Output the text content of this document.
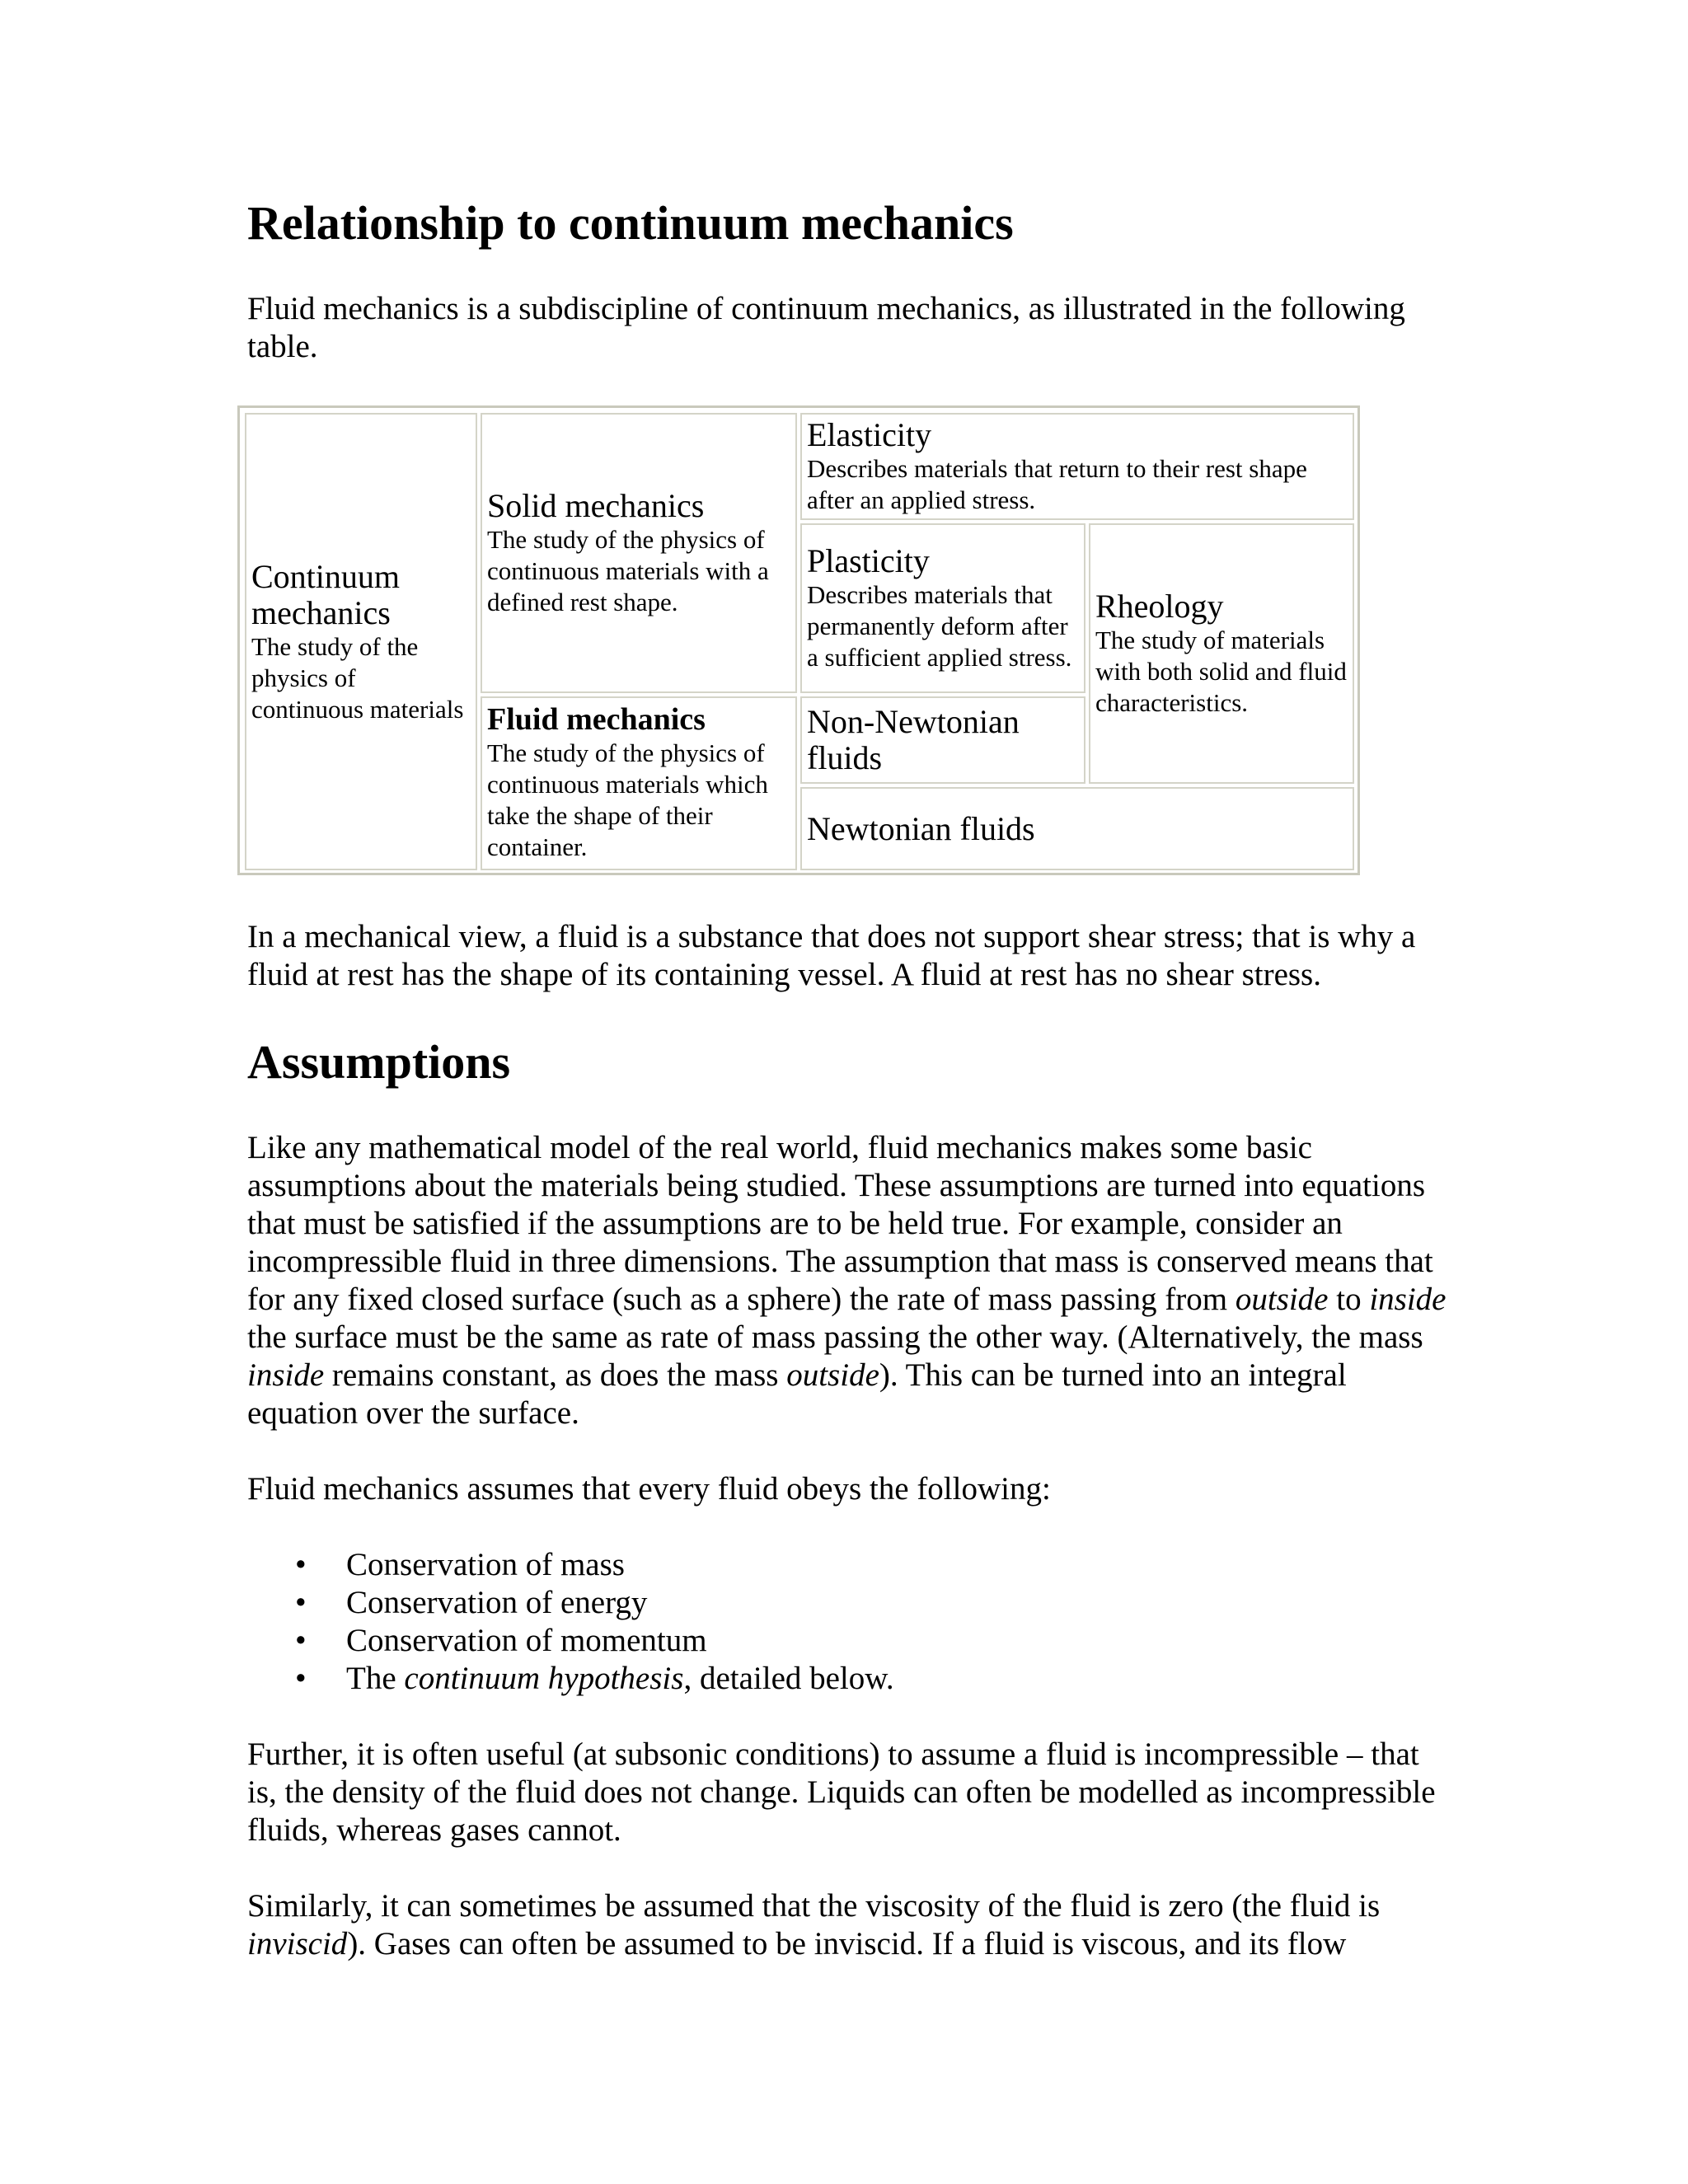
Relationship to continuum mechanics

Fluid mechanics is a subdiscipline of continuum mechanics, as illustrated in the following table.

Continuum mechanics
The study of the physics of continuous materials
Solid mechanics
The study of the physics of continuous materials with a defined rest shape.
Fluid mechanics
The study of the physics of continuous materials which take the shape of their container.
Elasticity
Describes materials that return to their rest shape after an applied stress.
Plasticity
Describes materials that permanently deform after a sufficient applied stress.
Rheology
The study of materials with both solid and fluid characteristics.
Non-Newtonian fluids
Newtonian fluids

In a mechanical view, a fluid is a substance that does not support shear stress; that is why a fluid at rest has the shape of its containing vessel. A fluid at rest has no shear stress.

Assumptions

Like any mathematical model of the real world, fluid mechanics makes some basic assumptions about the materials being studied. These assumptions are turned into equations that must be satisfied if the assumptions are to be held true. For example, consider an incompressible fluid in three dimensions. The assumption that mass is conserved means that for any fixed closed surface (such as a sphere) the rate of mass passing from outside to inside the surface must be the same as rate of mass passing the other way. (Alternatively, the mass inside remains constant, as does the mass outside). This can be turned into an integral equation over the surface.

Fluid mechanics assumes that every fluid obeys the following:

• Conservation of mass
• Conservation of energy
• Conservation of momentum
• The continuum hypothesis, detailed below.

Further, it is often useful (at subsonic conditions) to assume a fluid is incompressible – that is, the density of the fluid does not change. Liquids can often be modelled as incompressible fluids, whereas gases cannot.

Similarly, it can sometimes be assumed that the viscosity of the fluid is zero (the fluid is inviscid). Gases can often be assumed to be inviscid. If a fluid is viscous, and its flow
